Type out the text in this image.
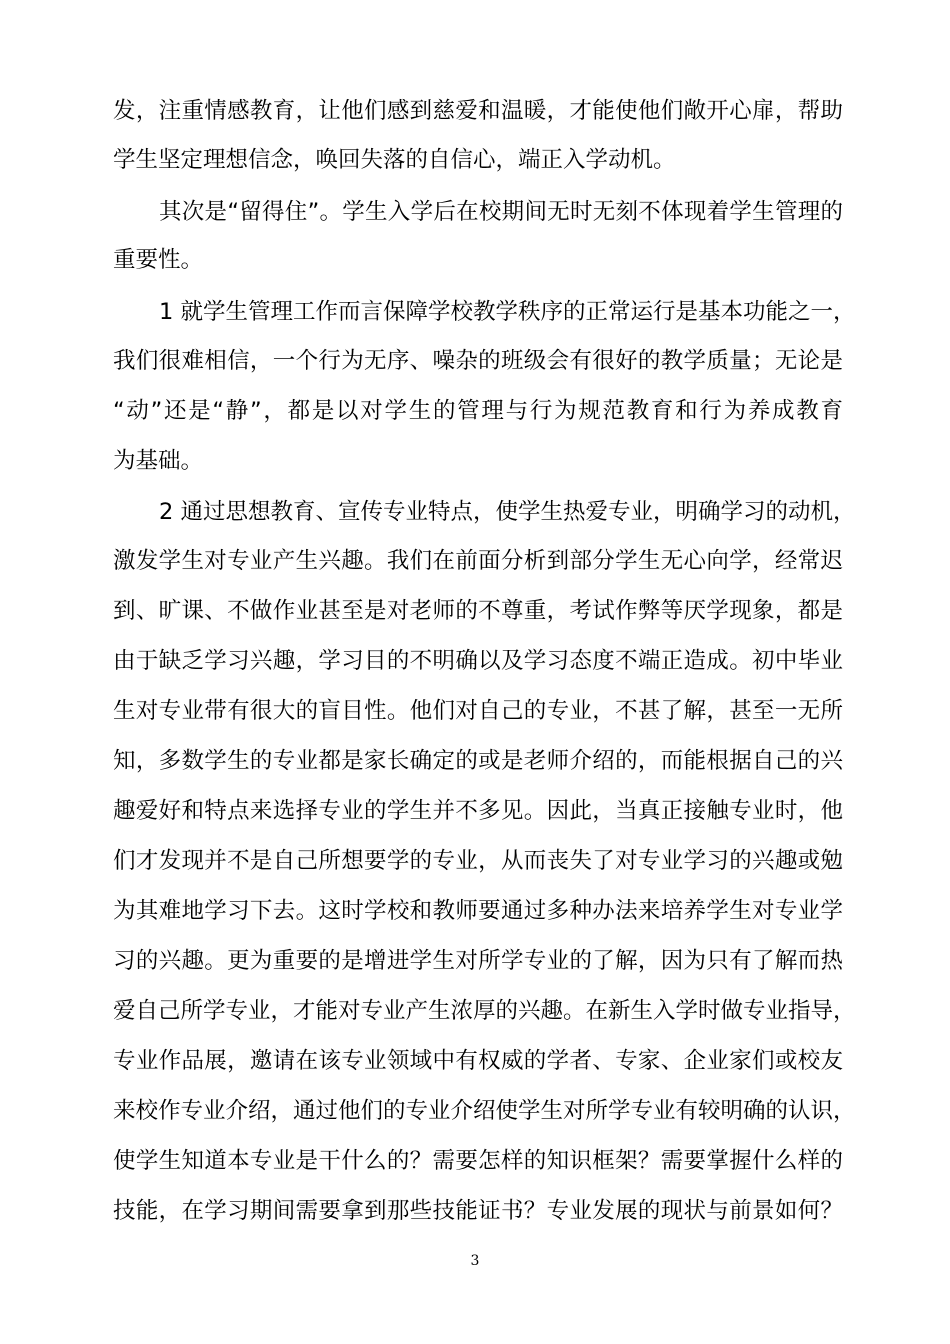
发，注重情感教育，让他们感到慈爱和温暖，才能使他们敞开心扉，帮助
学生坚定理想信念，唤回失落的自信心，端正入学动机。
其次是“留得住”。学生入学后在校期间无时无刻不体现着学生管理的
重要性。
1 就学生管理工作而言保障学校教学秩序的正常运行是基本功能之一，
我们很难相信，一个行为无序、噪杂的班级会有很好的教学质量；无论是
“动”还是“静”，都是以对学生的管理与行为规范教育和行为养成教育
为基础。
2 通过思想教育、宣传专业特点，使学生热爱专业，明确学习的动机，
激发学生对专业产生兴趣。我们在前面分析到部分学生无心向学，经常迟
到、旷课、不做作业甚至是对老师的不尊重，考试作弊等厌学现象，都是
由于缺乏学习兴趣，学习目的不明确以及学习态度不端正造成。初中毕业
生对专业带有很大的盲目性。他们对自己的专业，不甚了解，甚至一无所
知，多数学生的专业都是家长确定的或是老师介绍的，而能根据自己的兴
趣爱好和特点来选择专业的学生并不多见。因此，当真正接触专业时，他
们才发现并不是自己所想要学的专业，从而丧失了对专业学习的兴趣或勉
为其难地学习下去。这时学校和教师要通过多种办法来培养学生对专业学
习的兴趣。更为重要的是增进学生对所学专业的了解，因为只有了解而热
爱自己所学专业，才能对专业产生浓厚的兴趣。在新生入学时做专业指导，
专业作品展，邀请在该专业领域中有权威的学者、专家、企业家们或校友
来校作专业介绍，通过他们的专业介绍使学生对所学专业有较明确的认识，
使学生知道本专业是干什么的？需要怎样的知识框架？需要掌握什么样的
技能，在学习期间需要拿到那些技能证书？专业发展的现状与前景如何？
3
